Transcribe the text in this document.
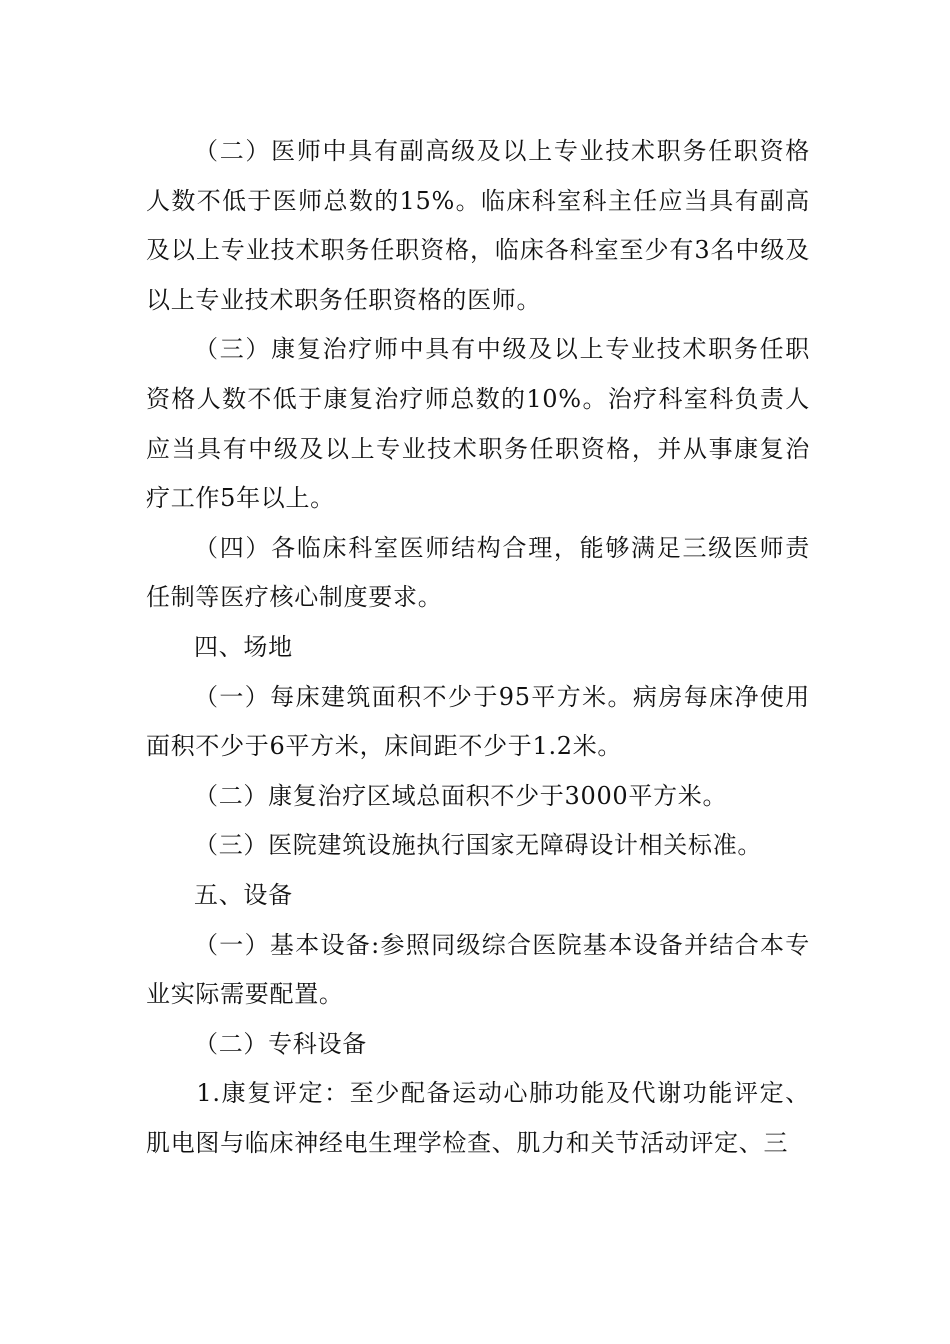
（二）医师中具有副高级及以上专业技术职务任职资格人数不低于医师总数的15%。临床科室科主任应当具有副高及以上专业技术职务任职资格，临床各科室至少有3名中级及以上专业技术职务任职资格的医师。

（三）康复治疗师中具有中级及以上专业技术职务任职资格人数不低于康复治疗师总数的10%。治疗科室科负责人应当具有中级及以上专业技术职务任职资格，并从事康复治疗工作5年以上。

（四）各临床科室医师结构合理，能够满足三级医师责任制等医疗核心制度要求。

四、场地

（一）每床建筑面积不少于95平方米。病房每床净使用面积不少于6平方米，床间距不少于1.2米。

（二）康复治疗区域总面积不少于3000平方米。

（三）医院建筑设施执行国家无障碍设计相关标准。

五、设备

（一）基本设备:参照同级综合医院基本设备并结合本专业实际需要配置。

（二）专科设备

1.康复评定：至少配备运动心肺功能及代谢功能评定、肌电图与临床神经电生理学检查、肌力和关节活动评定、三
